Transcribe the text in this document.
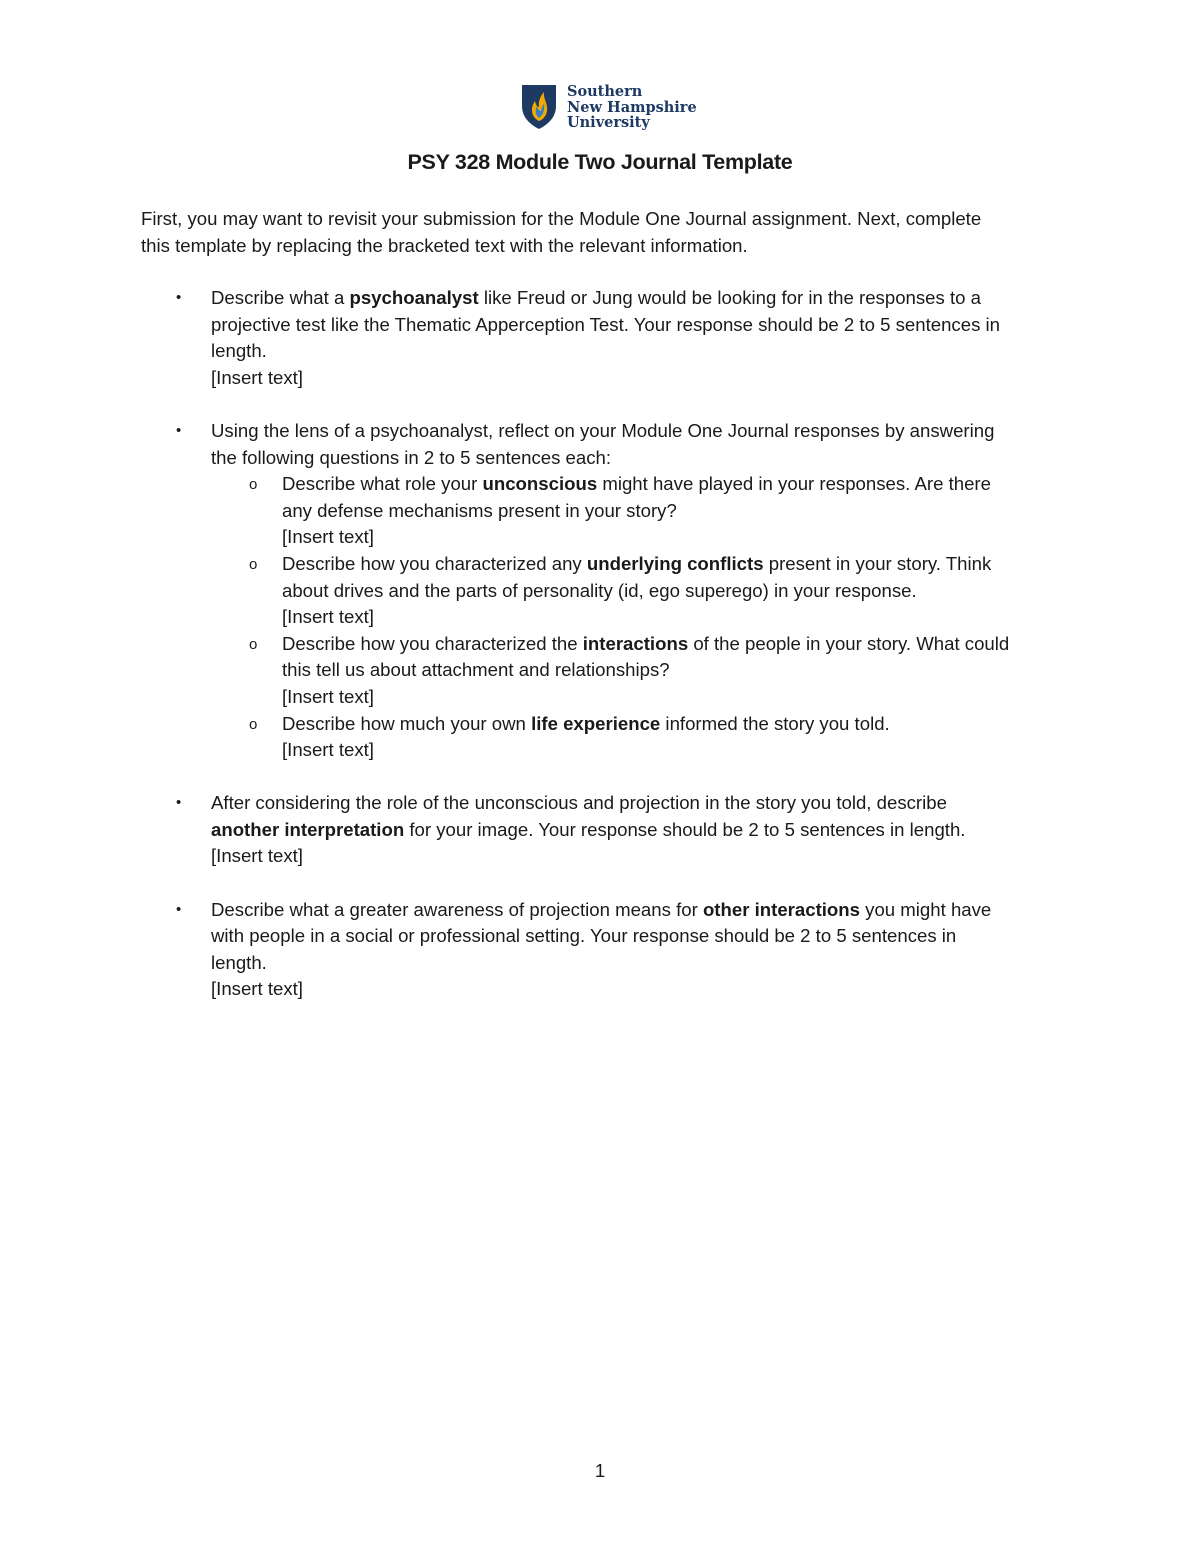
Southern
New Hampshire
University
PSY 328 Module Two Journal Template

First, you may want to revisit your submission for the Module One Journal assignment. Next, complete
this template by replacing the bracketed text with the relevant information.

• Describe what a psychoanalyst like Freud or Jung would be looking for in the responses to a
projective test like the Thematic Apperception Test. Your response should be 2 to 5 sentences in
length.
[Insert text]
• Using the lens of a psychoanalyst, reflect on your Module One Journal responses by answering
the following questions in 2 to 5 sentences each:
o Describe what role your unconscious might have played in your responses. Are there
any defense mechanisms present in your story?
[Insert text]
o Describe how you characterized any underlying conflicts present in your story. Think
about drives and the parts of personality (id, ego superego) in your response.
[Insert text]
o Describe how you characterized the interactions of the people in your story. What could
this tell us about attachment and relationships?
[Insert text]
o Describe how much your own life experience informed the story you told.
[Insert text]
• After considering the role of the unconscious and projection in the story you told, describe
another interpretation for your image. Your response should be 2 to 5 sentences in length.
[Insert text]
• Describe what a greater awareness of projection means for other interactions you might have
with people in a social or professional setting. Your response should be 2 to 5 sentences in
length.
[Insert text]
1
